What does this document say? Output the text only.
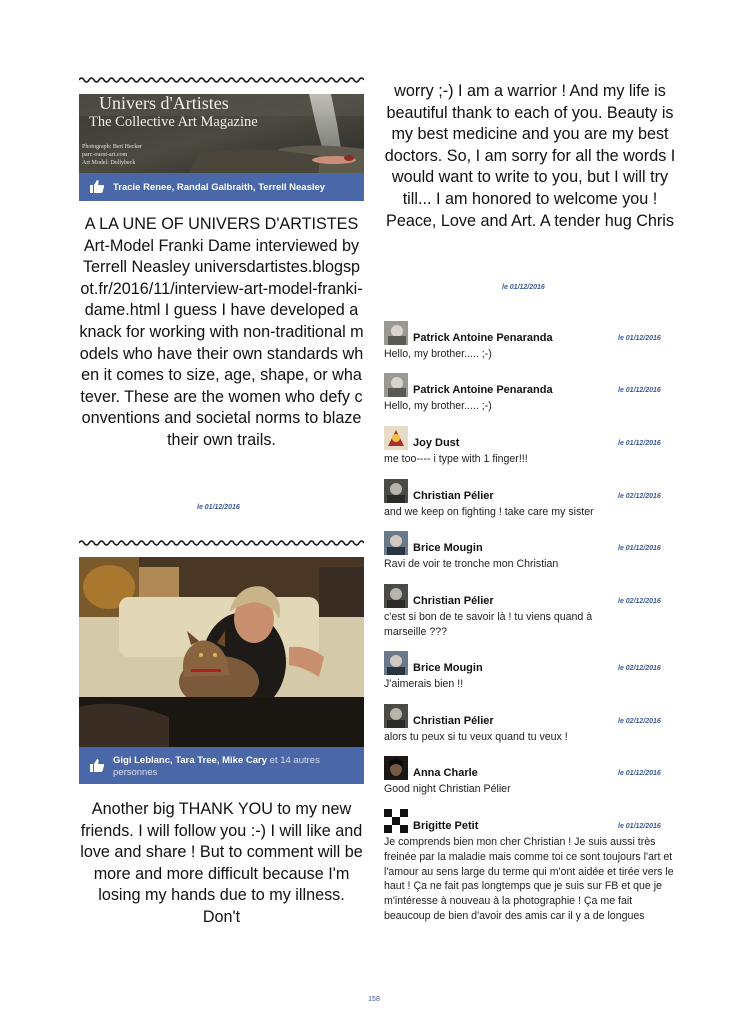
Univers d'Artistes
The Collective Art Magazine
Photograph: Bert Hecker
parc-ouest-art.com
Art Model: Dollybeck
Tracie Renee, Randal Galbraith, Terrell Neasley
A LA UNE OF UNIVERS D'ARTISTES Art-Model Franki Dame interviewed by Terrell Neasley universdartistes.blogspot.fr/2016/11/interview-art-model-franki-dame.html I guess I have developed a knack for working with non-traditional models who have their own standards when it comes to size, age, shape, or whatever. These are the women who defy conventions and societal norms to blaze their own trails.
le 01/12/2016
Gigi Leblanc, Tara Tree, Mike Cary et 14 autres personnes
Another big THANK YOU to my new friends. I will follow you :-) I will like and love and share ! But to comment will be more and more difficult because I'm losing my hands due to my illness. Don't
worry ;-) I am a warrior ! And my life is beautiful thank to each of you. Beauty is my best medicine and you are my best doctors. So, I am sorry for all the words I would want to write to you, but I will try till... I am honored to welcome you ! Peace, Love and Art. A tender hug Chris
le 01/12/2016
Patrick Antoine Penaranda	le 01/12/2016
Hello, my brother..... ;-)
Patrick Antoine Penaranda	le 01/12/2016
Hello, my brother..... ;-)
Joy Dust	le 01/12/2016
me too---- i type with 1 finger!!!
Christian Pélier	le 02/12/2016
and we keep on fighting ! take care my sister
Brice Mougin	le 01/12/2016
Ravi de voir te tronche mon Christian
Christian Pélier	le 02/12/2016
c'est si bon de te savoir là ! tu viens quand à marseille ???
Brice Mougin	le 02/12/2016
J'aimerais bien !!
Christian Pélier	le 02/12/2016
alors tu peux si tu veux quand tu veux !
Anna Charle	le 01/12/2016
Good night Christian Pélier
Brigitte Petit	le 01/12/2016
Je comprends bien mon cher Christian ! Je suis aussi très freinée par la maladie mais comme toi ce sont toujours l'art et l'amour au sens large du terme qui m'ont aidée et tirée vers le haut ! Ça ne fait pas longtemps que je suis sur FB et que je m'intéresse à nouveau à la photographie ! Ça me fait beaucoup de bien d'avoir des amis car il y a de longues
158
